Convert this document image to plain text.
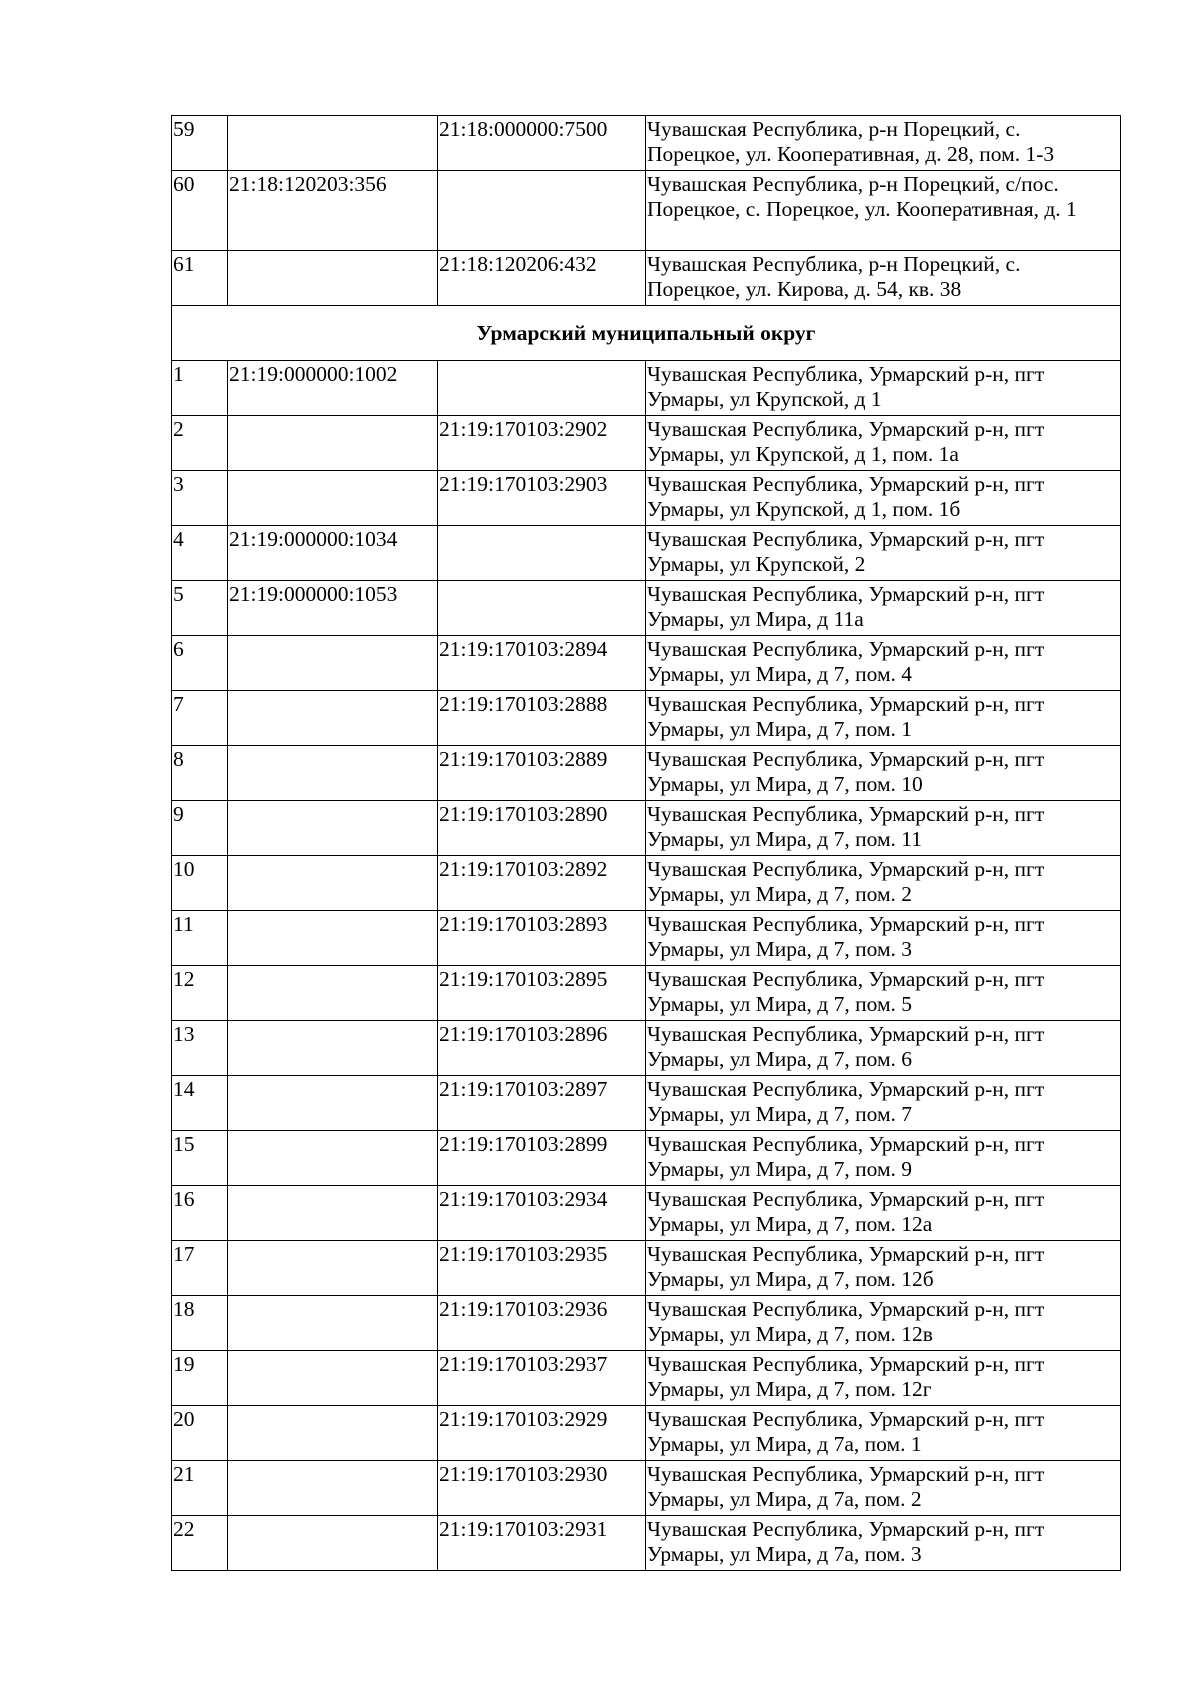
59		21:18:000000:7500	Чувашская Республика, р-н Порецкий, с. Порецкое, ул. Кооперативная, д. 28, пом. 1-3
60	21:18:120203:356		Чувашская Республика, р-н Порецкий, с/пос. Порецкое, с. Порецкое, ул. Кооперативная, д. 1
61		21:18:120206:432	Чувашская Республика, р-н Порецкий, с. Порецкое, ул. Кирова, д. 54, кв. 38
Урмарский муниципальный округ			
1	21:19:000000:1002		Чувашская Республика, Урмарский р-н, пгт Урмары, ул Крупской, д 1
2		21:19:170103:2902	Чувашская Республика, Урмарский р-н, пгт Урмары, ул Крупской, д 1, пом. 1а
3		21:19:170103:2903	Чувашская Республика, Урмарский р-н, пгт Урмары, ул Крупской, д 1, пом. 1б
4	21:19:000000:1034		Чувашская Республика, Урмарский р-н, пгт Урмары, ул Крупской, 2
5	21:19:000000:1053		Чувашская Республика, Урмарский р-н, пгт Урмары, ул Мира, д 11а
6		21:19:170103:2894	Чувашская Республика, Урмарский р-н, пгт Урмары, ул Мира, д 7, пом. 4
7		21:19:170103:2888	Чувашская Республика, Урмарский р-н, пгт Урмары, ул Мира, д 7, пом. 1
8		21:19:170103:2889	Чувашская Республика, Урмарский р-н, пгт Урмары, ул Мира, д 7, пом. 10
9		21:19:170103:2890	Чувашская Республика, Урмарский р-н, пгт Урмары, ул Мира, д 7, пом. 11
10		21:19:170103:2892	Чувашская Республика, Урмарский р-н, пгт Урмары, ул Мира, д 7, пом. 2
11		21:19:170103:2893	Чувашская Республика, Урмарский р-н, пгт Урмары, ул Мира, д 7, пом. 3
12		21:19:170103:2895	Чувашская Республика, Урмарский р-н, пгт Урмары, ул Мира, д 7, пом. 5
13		21:19:170103:2896	Чувашская Республика, Урмарский р-н, пгт Урмары, ул Мира, д 7, пом. 6
14		21:19:170103:2897	Чувашская Республика, Урмарский р-н, пгт Урмары, ул Мира, д 7, пом. 7
15		21:19:170103:2899	Чувашская Республика, Урмарский р-н, пгт Урмары, ул Мира, д 7, пом. 9
16		21:19:170103:2934	Чувашская Республика, Урмарский р-н, пгт Урмары, ул Мира, д 7, пом. 12а
17		21:19:170103:2935	Чувашская Республика, Урмарский р-н, пгт Урмары, ул Мира, д 7, пом. 12б
18		21:19:170103:2936	Чувашская Республика, Урмарский р-н, пгт Урмары, ул Мира, д 7, пом. 12в
19		21:19:170103:2937	Чувашская Республика, Урмарский р-н, пгт Урмары, ул Мира, д 7, пом. 12г
20		21:19:170103:2929	Чувашская Республика, Урмарский р-н, пгт Урмары, ул Мира, д 7а, пом. 1
21		21:19:170103:2930	Чувашская Республика, Урмарский р-н, пгт Урмары, ул Мира, д 7а, пом. 2
22		21:19:170103:2931	Чувашская Республика, Урмарский р-н, пгт Урмары, ул Мира, д 7а, пом. 3
